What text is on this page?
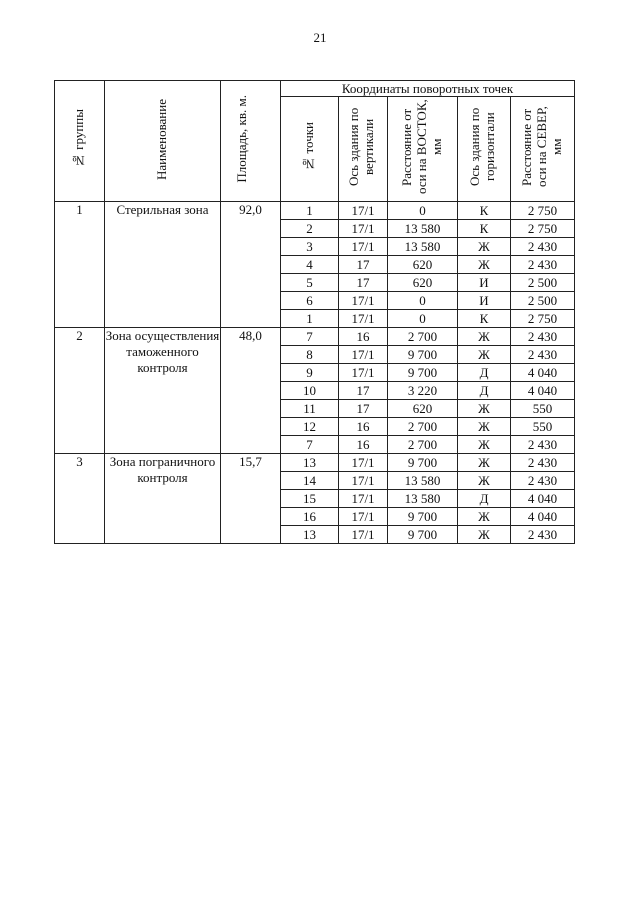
21
№ группы	Наименование	Площадь, кв. м.	Координаты поворотных точек				
			№ точки	Ось здания по вертикали	Расстояние от оси на ВОСТОК, мм	Ось здания по горизонтали	Расстояние от оси на СЕВЕР, мм
1	Стерильная зона	92,0	1	17/1	0	К	2 750
			2	17/1	13 580	К	2 750
			3	17/1	13 580	Ж	2 430
			4	17	620	Ж	2 430
			5	17	620	И	2 500
			6	17/1	0	И	2 500
			1	17/1	0	К	2 750
2	Зона осуществления таможенного контроля	48,0	7	16	2 700	Ж	2 430
			8	17/1	9 700	Ж	2 430
			9	17/1	9 700	Д	4 040
			10	17	3 220	Д	4 040
			11	17	620	Ж	550
			12	16	2 700	Ж	550
			7	16	2 700	Ж	2 430
3	Зона пограничного контроля	15,7	13	17/1	9 700	Ж	2 430
			14	17/1	13 580	Ж	2 430
			15	17/1	13 580	Д	4 040
			16	17/1	9 700	Ж	4 040
			13	17/1	9 700	Ж	2 430
